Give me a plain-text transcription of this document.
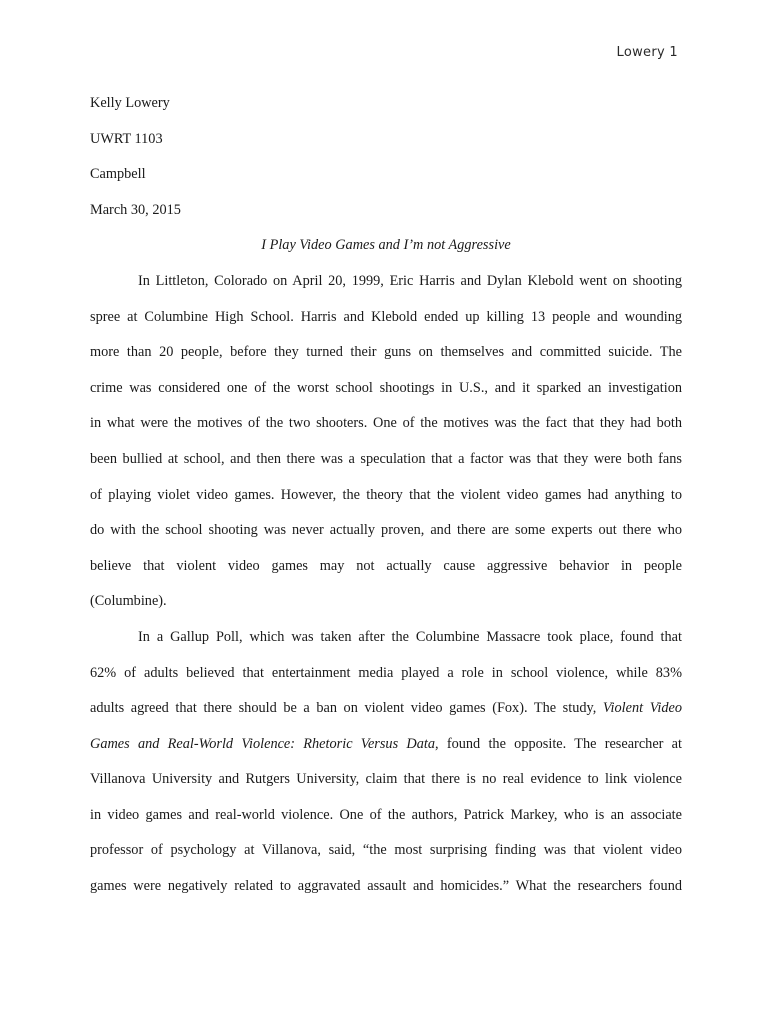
Lowery 1

Kelly Lowery

UWRT 1103

Campbell

March 30, 2015

I Play Video Games and I’m not Aggressive

In Littleton, Colorado on April 20, 1999, Eric Harris and Dylan Klebold went on shooting
spree at Columbine High School. Harris and Klebold ended up killing 13 people and wounding
more than 20 people, before they turned their guns on themselves and committed suicide. The
crime was considered one of the worst school shootings in U.S., and it sparked an investigation
in what were the motives of the two shooters. One of the motives was the fact that they had both
been bullied at school, and then there was a speculation that a factor was that they were both fans
of playing violet video games. However, the theory that the violent video games had anything to
do with the school shooting was never actually proven, and there are some experts out there who
believe that violent video games may not actually cause aggressive behavior in people
(Columbine).
In a Gallup Poll, which was taken after the Columbine Massacre took place, found that
62% of adults believed that entertainment media played a role in school violence, while 83%
adults agreed that there should be a ban on violent video games (Fox). The study, Violent Video
Games and Real-World Violence: Rhetoric Versus Data, found the opposite. The researcher at
Villanova University and Rutgers University, claim that there is no real evidence to link violence
in video games and real-world violence. One of the authors, Patrick Markey, who is an associate
professor of psychology at Villanova, said, “the most surprising finding was that violent video
games were negatively related to aggravated assault and homicides.” What the researchers found
